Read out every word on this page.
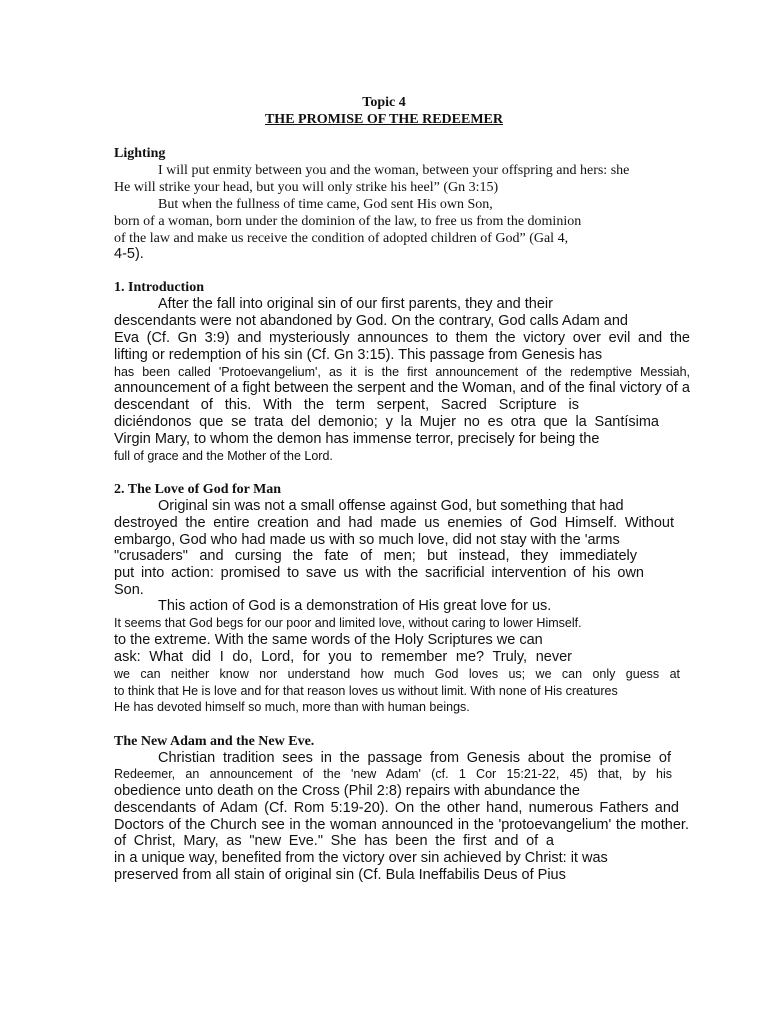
Topic 4

THE PROMISE OF THE REDEEMER

Lighting

I will put enmity between you and the woman, between your offspring and hers: she

He will strike your head, but you will only strike his heel” (Gn 3:15)

But when the fullness of time came, God sent His own Son,

born of a woman, born under the dominion of the law, to free us from the dominion

of the law and make us receive the condition of adopted children of God” (Gal 4,

4-5).

1. Introduction

After the fall into original sin of our first parents, they and their

descendants were not abandoned by God. On the contrary, God calls Adam and

Eva (Cf. Gn 3:9) and mysteriously announces to them the victory over evil and the

lifting or redemption of his sin (Cf. Gn 3:15). This passage from Genesis has

has been called 'Protoevangelium', as it is the first announcement of the redemptive Messiah,

announcement of a fight between the serpent and the Woman, and of the final victory of a

descendant of this. With the term serpent, Sacred Scripture is

diciéndonos que se trata del demonio; y la Mujer no es otra que la Santísima

Virgin Mary, to whom the demon has immense terror, precisely for being the

full of grace and the Mother of the Lord.

2. The Love of God for Man

Original sin was not a small offense against God, but something that had

destroyed the entire creation and had made us enemies of God Himself. Without

embargo, God who had made us with so much love, did not stay with the 'arms

"crusaders" and cursing the fate of men; but instead, they immediately

put into action: promised to save us with the sacrificial intervention of his own

Son.

This action of God is a demonstration of His great love for us.

It seems that God begs for our poor and limited love, without caring to lower Himself.

to the extreme. With the same words of the Holy Scriptures we can

ask: What did I do, Lord, for you to remember me? Truly, never

we can neither know nor understand how much God loves us; we can only guess at

to think that He is love and for that reason loves us without limit. With none of His creatures

He has devoted himself so much, more than with human beings.

The New Adam and the New Eve.

Christian tradition sees in the passage from Genesis about the promise of

Redeemer, an announcement of the 'new Adam' (cf. 1 Cor 15:21-22, 45) that, by his

obedience unto death on the Cross (Phil 2:8) repairs with abundance the

descendants of Adam (Cf. Rom 5:19-20). On the other hand, numerous Fathers and

Doctors of the Church see in the woman announced in the 'protoevangelium' the mother.

of Christ, Mary, as "new Eve." She has been the first and of a

in a unique way, benefited from the victory over sin achieved by Christ: it was

preserved from all stain of original sin (Cf. Bula Ineffabilis Deus of Pius
